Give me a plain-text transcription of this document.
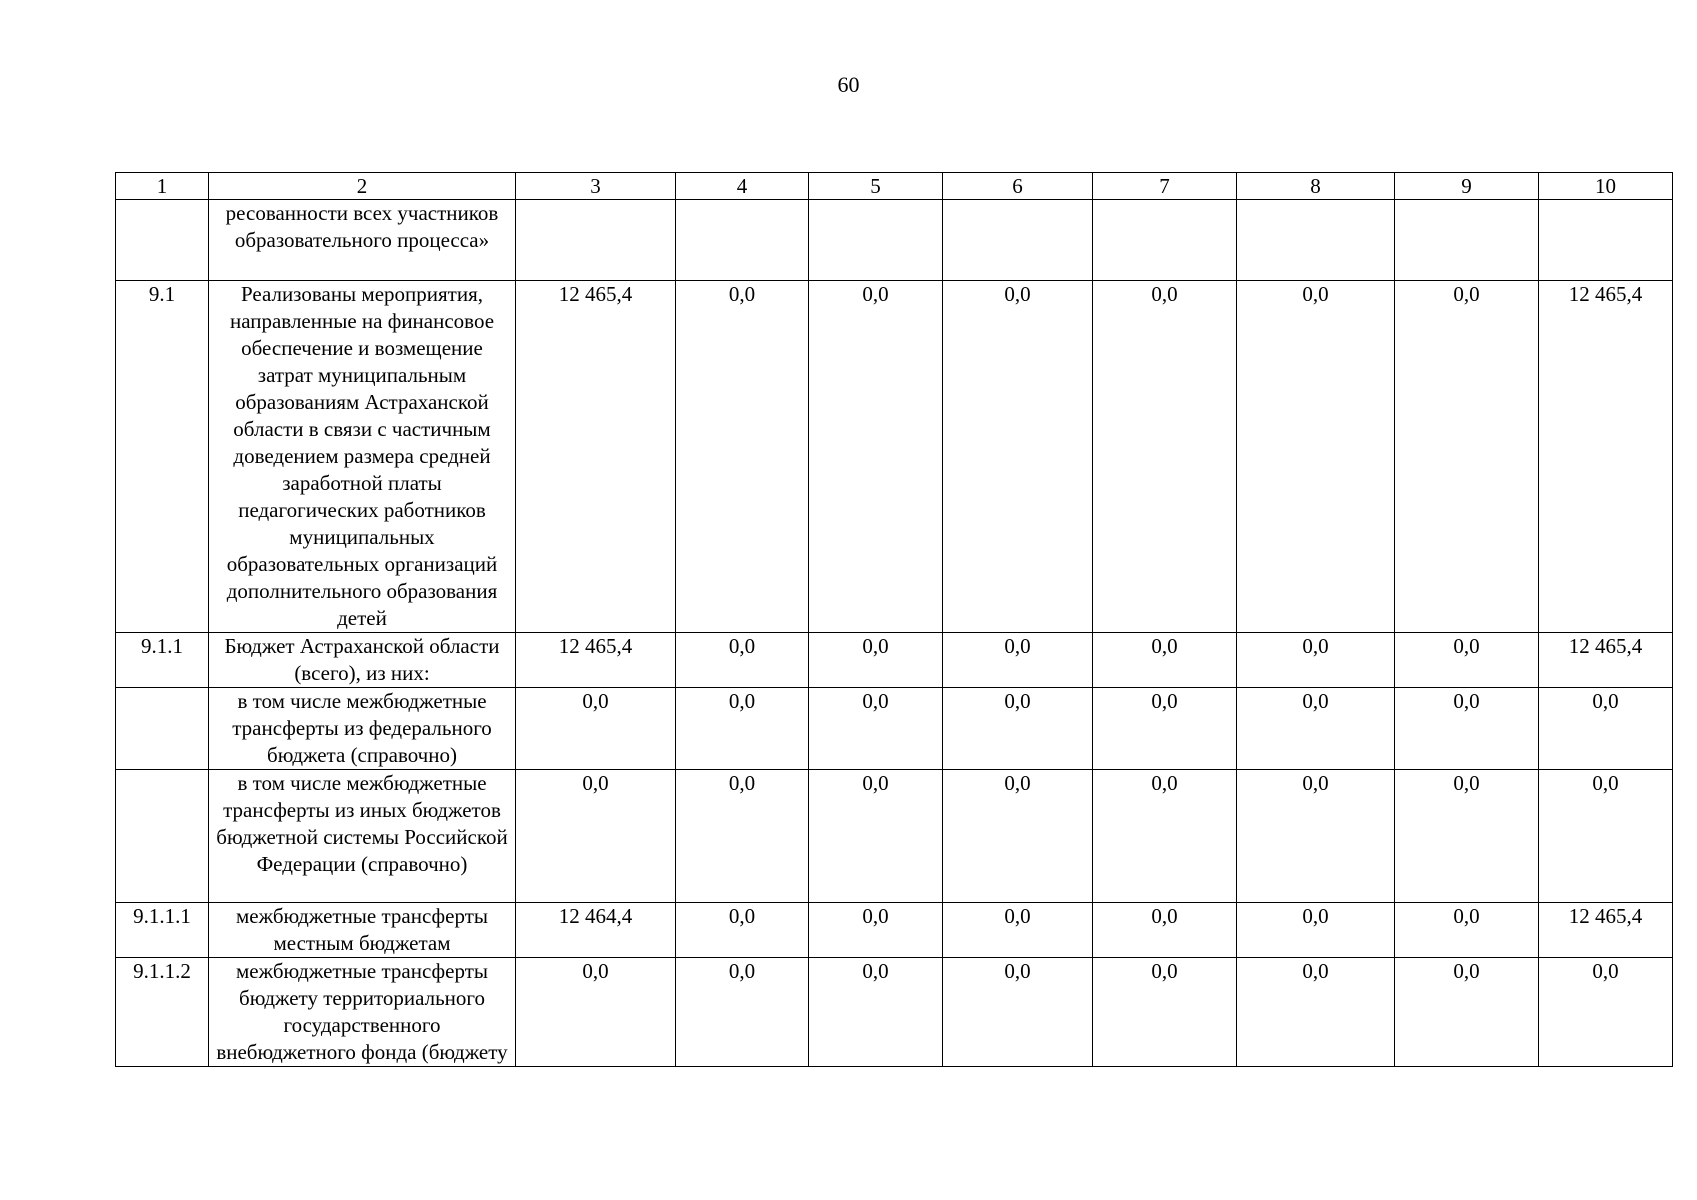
60
1	2	3	4	5	6	7	8	9	10
	ресованности всех участников образовательного процесса»								
9.1	Реализованы мероприятия, направленные на финансовое обеспечение и возмещение затрат муниципальным образованиям Астраханской области в связи с частичным доведением размера средней заработной платы педагогических работников муниципальных образовательных организаций дополнительного образования детей	12 465,4	0,0	0,0	0,0	0,0	0,0	0,0	12 465,4
9.1.1	Бюджет Астраханской области (всего), из них:	12 465,4	0,0	0,0	0,0	0,0	0,0	0,0	12 465,4
	в том числе межбюджетные трансферты из федерального бюджета (справочно)	0,0	0,0	0,0	0,0	0,0	0,0	0,0	0,0
	в том числе межбюджетные трансферты из иных бюджетов бюджетной системы Российской Федерации (справочно)	0,0	0,0	0,0	0,0	0,0	0,0	0,0	0,0
9.1.1.1	межбюджетные трансферты местным бюджетам	12 464,4	0,0	0,0	0,0	0,0	0,0	0,0	12 465,4
9.1.1.2	межбюджетные трансферты бюджету территориального государственного внебюджетного фонда (бюджету	0,0	0,0	0,0	0,0	0,0	0,0	0,0	0,0
